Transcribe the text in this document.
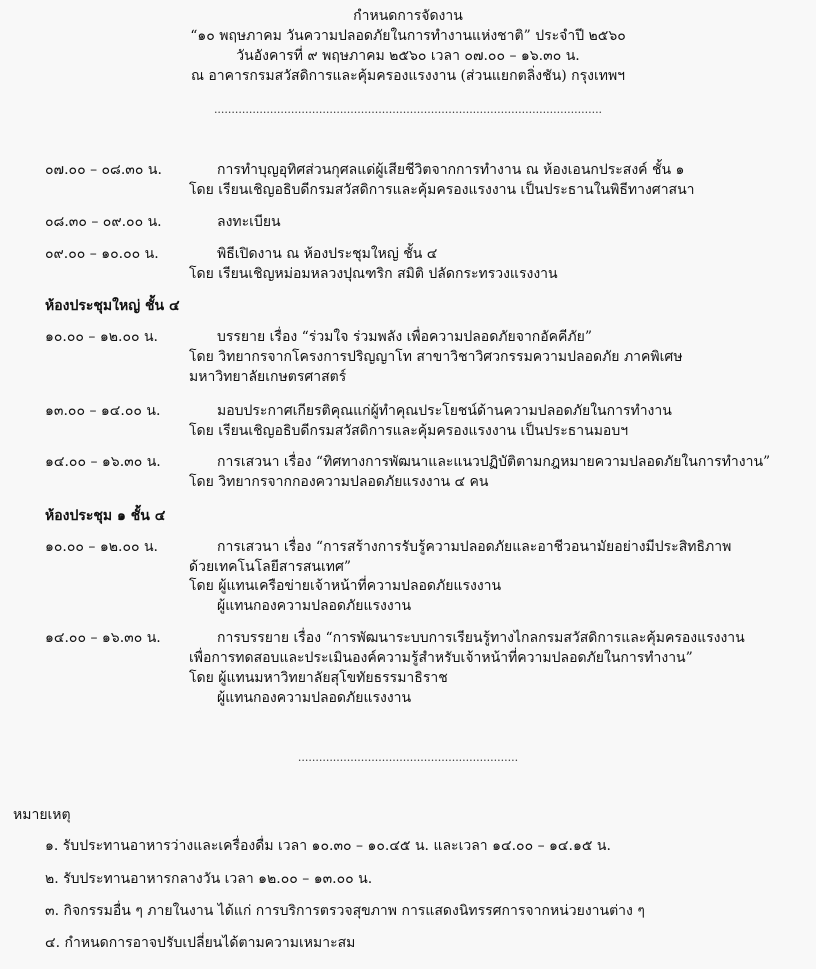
กำหนดการจัดงาน
“๑๐ พฤษภาคม วันความปลอดภัยในการทำงานแห่งชาติ” ประจำปี ๒๕๖๐
วันอังคารที่ ๙ พฤษภาคม ๒๕๖๐ เวลา ๐๗.๐๐ – ๑๖.๓๐ น.
ณ อาคารกรมสวัสดิการและคุ้มครองแรงงาน (ส่วนแยกตลิ่งชัน) กรุงเทพฯ
...............................................................................................................
๐๗.๐๐ – ๐๘.๓๐ น.	การทำบุญอุทิศส่วนกุศลแด่ผู้เสียชีวิตจากการทำงาน ณ ห้องเอนกประสงค์ ชั้น ๑
โดย เรียนเชิญอธิบดีกรมสวัสดิการและคุ้มครองแรงงาน เป็นประธานในพิธีทางศาสนา
๐๘.๓๐ – ๐๙.๐๐ น.	ลงทะเบียน
๐๙.๐๐ – ๑๐.๐๐ น.	พิธีเปิดงาน ณ ห้องประชุมใหญ่ ชั้น ๔
โดย เรียนเชิญหม่อมหลวงปุณฑริก สมิติ ปลัดกระทรวงแรงงาน
ห้องประชุมใหญ่ ชั้น ๔
๑๐.๐๐ – ๑๒.๐๐ น.	บรรยาย เรื่อง “ร่วมใจ ร่วมพลัง เพื่อความปลอดภัยจากอัคคีภัย”
โดย วิทยากรจากโครงการปริญญาโท สาขาวิชาวิศวกรรมความปลอดภัย ภาคพิเศษ
มหาวิทยาลัยเกษตรศาสตร์
๑๓.๐๐ – ๑๔.๐๐ น.	มอบประกาศเกียรติคุณแก่ผู้ทำคุณประโยชน์ด้านความปลอดภัยในการทำงาน
โดย เรียนเชิญอธิบดีกรมสวัสดิการและคุ้มครองแรงงาน เป็นประธานมอบฯ
๑๔.๐๐ – ๑๖.๓๐ น.	การเสวนา เรื่อง “ทิศทางการพัฒนาและแนวปฏิบัติตามกฎหมายความปลอดภัยในการทำงาน”
โดย วิทยากรจากกองความปลอดภัยแรงงาน ๔ คน
ห้องประชุม ๑ ชั้น ๔
๑๐.๐๐ – ๑๒.๐๐ น.	การเสวนา เรื่อง “การสร้างการรับรู้ความปลอดภัยและอาชีวอนามัยอย่างมีประสิทธิภาพ
ด้วยเทคโนโลยีสารสนเทศ”
โดย ผู้แทนเครือข่ายเจ้าหน้าที่ความปลอดภัยแรงงาน
ผู้แทนกองความปลอดภัยแรงงาน
๑๔.๐๐ – ๑๖.๓๐ น.	การบรรยาย เรื่อง “การพัฒนาระบบการเรียนรู้ทางไกลกรมสวัสดิการและคุ้มครองแรงงาน
เพื่อการทดสอบและประเมินองค์ความรู้สำหรับเจ้าหน้าที่ความปลอดภัยในการทำงาน”
โดย ผู้แทนมหาวิทยาลัยสุโขทัยธรรมาธิราช
ผู้แทนกองความปลอดภัยแรงงาน
...............................................................
หมายเหตุ
๑. รับประทานอาหารว่างและเครื่องดื่ม เวลา ๑๐.๓๐ – ๑๐.๔๕ น. และเวลา ๑๔.๐๐ – ๑๔.๑๕ น.
๒. รับประทานอาหารกลางวัน เวลา ๑๒.๐๐ – ๑๓.๐๐ น.
๓. กิจกรรมอื่น ๆ ภายในงาน ได้แก่ การบริการตรวจสุขภาพ การแสดงนิทรรศการจากหน่วยงานต่าง ๆ
๔. กำหนดการอาจปรับเปลี่ยนได้ตามความเหมาะสม
